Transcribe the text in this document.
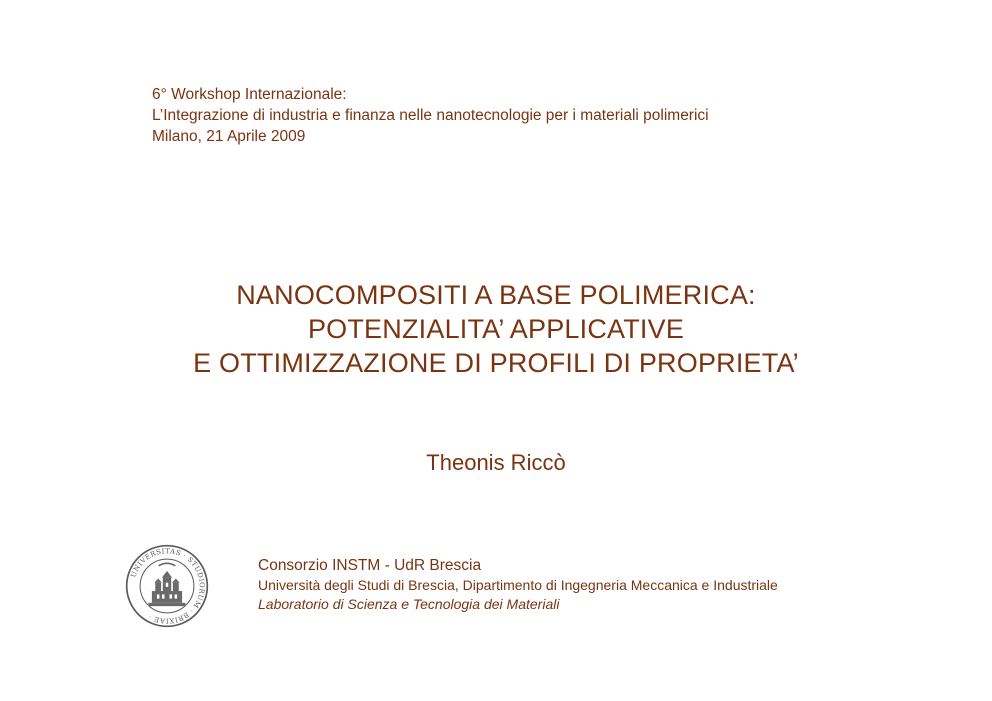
6° Workshop Internazionale:
L’Integrazione di industria e finanza nelle nanotecnologie per i materiali polimerici
Milano, 21 Aprile 2009
NANOCOMPOSITI A BASE POLIMERICA:
POTENZIALITA’ APPLICATIVE
E OTTIMIZZAZIONE DI PROFILI DI PROPRIETA’
Theonis Riccò
UNIVERSITAS · STUDIORUM · BRIXIAE ·
Consorzio INSTM - UdR Brescia
Università degli Studi di Brescia, Dipartimento di Ingegneria Meccanica e Industriale
Laboratorio di Scienza e Tecnologia dei Materiali
